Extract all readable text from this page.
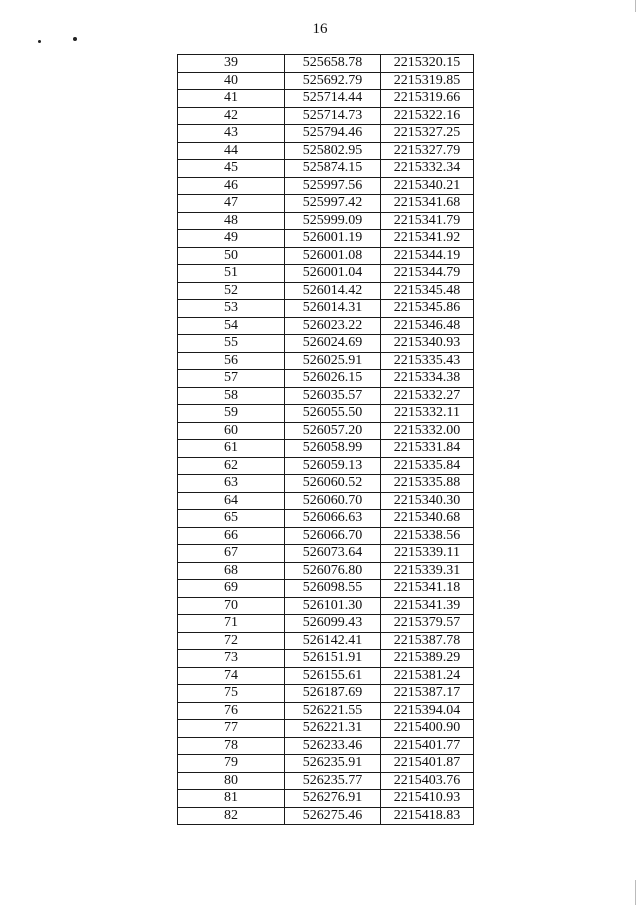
16
39	525658.78	2215320.15
40	525692.79	2215319.85
41	525714.44	2215319.66
42	525714.73	2215322.16
43	525794.46	2215327.25
44	525802.95	2215327.79
45	525874.15	2215332.34
46	525997.56	2215340.21
47	525997.42	2215341.68
48	525999.09	2215341.79
49	526001.19	2215341.92
50	526001.08	2215344.19
51	526001.04	2215344.79
52	526014.42	2215345.48
53	526014.31	2215345.86
54	526023.22	2215346.48
55	526024.69	2215340.93
56	526025.91	2215335.43
57	526026.15	2215334.38
58	526035.57	2215332.27
59	526055.50	2215332.11
60	526057.20	2215332.00
61	526058.99	2215331.84
62	526059.13	2215335.84
63	526060.52	2215335.88
64	526060.70	2215340.30
65	526066.63	2215340.68
66	526066.70	2215338.56
67	526073.64	2215339.11
68	526076.80	2215339.31
69	526098.55	2215341.18
70	526101.30	2215341.39
71	526099.43	2215379.57
72	526142.41	2215387.78
73	526151.91	2215389.29
74	526155.61	2215381.24
75	526187.69	2215387.17
76	526221.55	2215394.04
77	526221.31	2215400.90
78	526233.46	2215401.77
79	526235.91	2215401.87
80	526235.77	2215403.76
81	526276.91	2215410.93
82	526275.46	2215418.83
